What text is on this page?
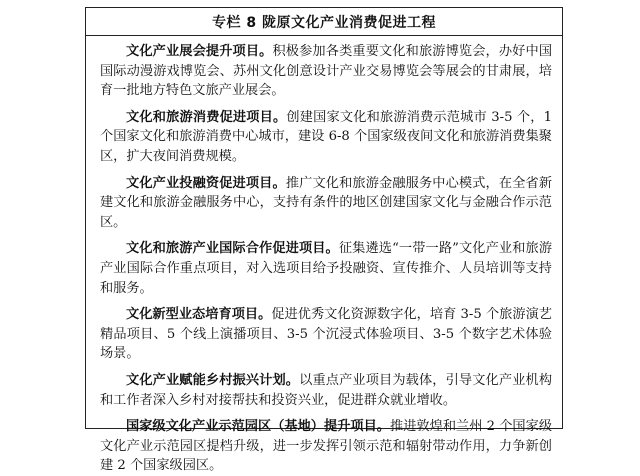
专栏 8 陇原文化产业消费促进工程

文化产业展会提升项目。积极参加各类重要文化和旅游博览会，办好中国国际动漫游戏博览会、苏州文化创意设计产业交易博览会等展会的甘肃展，培育一批地方特色文旅产业展会。

文化和旅游消费促进项目。创建国家文化和旅游消费示范城市 3-5 个，1 个国家文化和旅游消费中心城市，建设 6-8 个国家级夜间文化和旅游消费集聚区，扩大夜间消费规模。

文化产业投融资促进项目。推广文化和旅游金融服务中心模式，在全省新建文化和旅游金融服务中心，支持有条件的地区创建国家文化与金融合作示范区。

文化和旅游产业国际合作促进项目。征集遴选“一带一路”文化产业和旅游产业国际合作重点项目，对入选项目给予投融资、宣传推介、人员培训等支持和服务。

文化新型业态培育项目。促进优秀文化资源数字化，培育 3-5 个旅游演艺精品项目、5 个线上演播项目、3-5 个沉浸式体验项目、3-5 个数字艺术体验场景。

文化产业赋能乡村振兴计划。以重点产业项目为载体，引导文化产业机构和工作者深入乡村对接帮扶和投资兴业，促进群众就业增收。

国家级文化产业示范园区（基地）提升项目。推进敦煌和兰州 2 个国家级文化产业示范园区提档升级，进一步发挥引领示范和辐射带动作用，力争新创建 2 个国家级园区。
